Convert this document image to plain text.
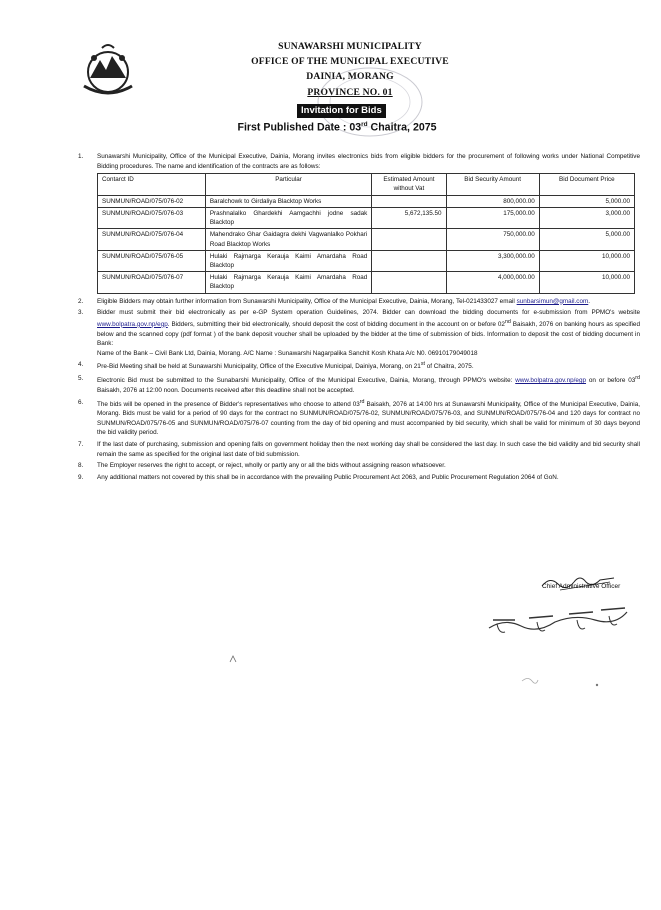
SUNAWARSHI MUNICIPALITY
OFFICE OF THE MUNICIPAL EXECUTIVE
DAINIA, MORANG
PROVINCE NO. 01
Invitation for Bids
First Published Date : 03rd Chaitra, 2075
1. Sunawarshi Municipality, Office of the Municipal Executive, Dainia, Morang invites electronics bids from eligible bidders for the procurement of following works under National Competitive Bidding procedures. The name and identification of the contracts are as follows:
Contarct ID	Particular	Estimated Amount without Vat	Bid Security Amount	Bid Document Price
SUNMUN/ROAD/075/076-02	Baralchowk to Girdaliya Blacktop Works		800,000.00	5,000.00
SUNMUN/ROAD/075/076-03	Prashnalalko Ghardekhi Aamgachhi jodne sadak Blacktop	5,672,135.50	175,000.00	3,000.00
SUNMUN/ROAD/075/076-04	Mahendrako Ghar Gaidagra dekhi Vagwanlalko Pokhari Road Blacktop Works		750,000.00	5,000.00
SUNMUN/ROAD/075/076-05	Hulaki Rajmarga Kerauja Kaimi Amardaha Road Blacktop		3,300,000.00	10,000.00
SUNMUN/ROAD/075/076-07	Hulaki Rajmarga Kerauja Kaimi Amardaha Road Blacktop		4,000,000.00	10,000.00
2. Eligible Bidders may obtain further information from Sunawarshi Municipality, Office of the Municipal Executive, Dainia, Morang, Tel-021433027 email sunbarsimun@gmail.com.
3. Bidder must submit their bid electronically as per e-GP System operation Guidelines, 2074. Bidder can download the bidding documents for e-submission from PPMO's website www.bolpatra.gov.np/egp. Bidders, submitting their bid electronically, should deposit the cost of bidding document in the account on or before 02nd Baisakh, 2076 on banking hours as specified below and the scanned copy (pdf format ) of the bank deposit voucher shall be uploaded by the bidder at the time of submission of bids. Information to deposit the cost of bidding document in Bank:
Name of the Bank – Civil Bank Ltd, Dainia, Morang. A/C Name : Sunawarshi Nagarpalika Sanchit Kosh Khata A/c N0. 06910179049018
4. Pre-Bid Meeting shall be held at Sunawarshi Municipality, Office of the Executive Municipal, Dainiya, Morang, on 21st of Chaitra, 2075.
5. Electronic Bid must be submitted to the Sunabarshi Municipality, Office of the Municipal Executive, Dainia, Morang, through PPMO's website: www.bolpatra.gov.np/egp on or before 03rd Baisakh, 2076 at 12:00 noon. Documents received after this deadline shall not be accepted.
6. The bids will be opened in the presence of Bidder's representatives who choose to attend 03rd Baisakh, 2076 at 14:00 hrs at Sunawarshi Municipality, Office of the Municipal Executive, Dainia, Morang. Bids must be valid for a period of 90 days for the contract no SUNMUN/ROAD/075/76-02, SUNMUN/ROAD/075/76-03, and SUNMUN/ROAD/075/76-04 and 120 days for contract no SUNMUN/ROAD/075/76-05 and SUNMUN/ROAD/075/76-07 counting from the day of bid opening and must accompanied by bid security, which shall be valid for minimum of 30 days beyond the bid validity period.
7. If the last date of purchasing, submission and opening falls on government holiday then the next working day shall be considered the last day. In such case the bid validity and bid security shall remain the same as specified for the original last date of bid submission.
8. The Employer reserves the right to accept, or reject, wholly or partly any or all the bids without assigning reason whatsoever.
9. Any additional matters not covered by this shall be in accordance with the prevailing Public Procurement Act 2063, and Public Procurement Regulation 2064 of GoN.
Chief Administrative Officer
